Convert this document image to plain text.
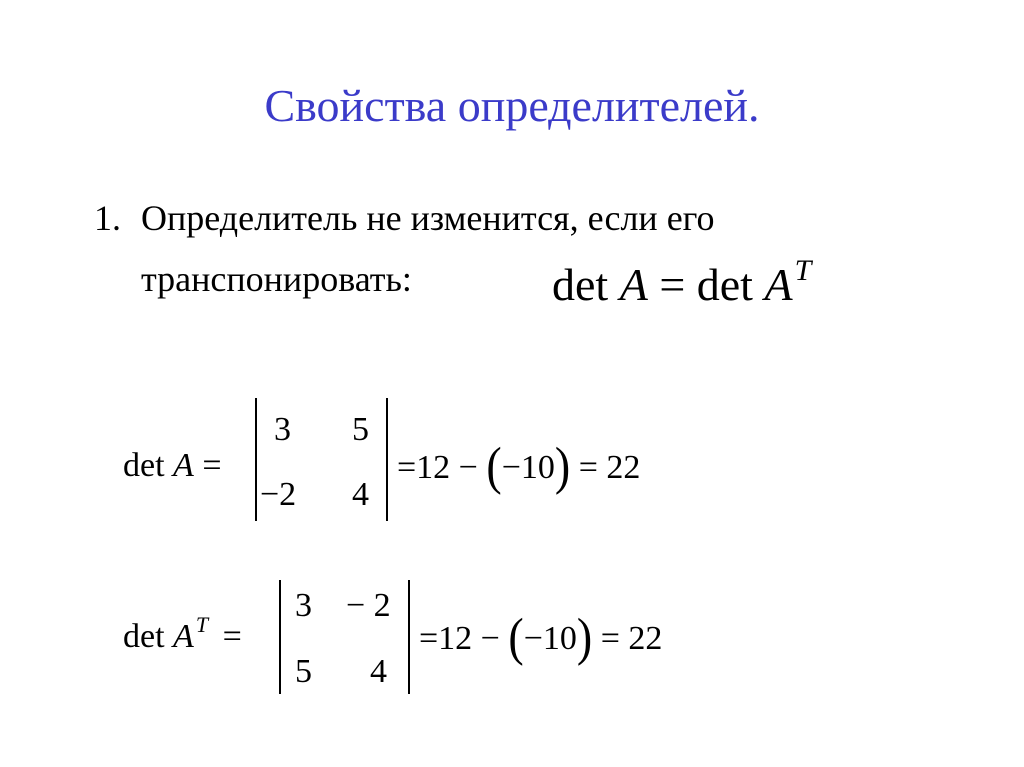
Свойства определителей.
1. Определитель не изменится, если его
транспонировать:	$\det A = \det A^T$
det A =
3 5
−2 4
=12 − (−10) = 22
$\det A^T$ =
3 − 2
5 4
=12 − (−10) = 22
